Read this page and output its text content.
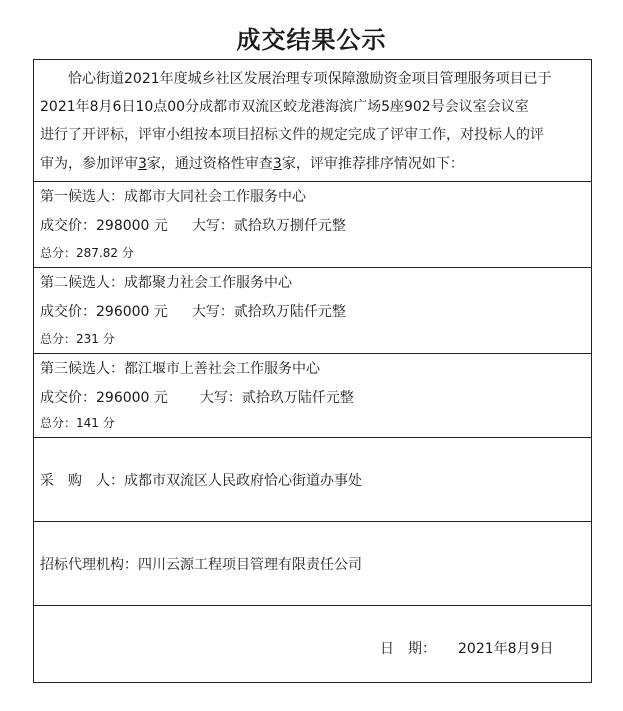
成交结果公示

恰心街道2021年度城乡社区发展治理专项保障激励资金项目管理服务项目已于

2021年8月6日10点00分成都市双流区蛟龙港海滨广场5座902号会议室会议室

进行了开评标，评审小组按本项目招标文件的规定完成了评审工作，对投标人的评

审为，参加评审3家，通过资格性审查3家，评审推荐排序情况如下：

第一候选人：成都市大同社会工作服务中心
成交价：298000 元 大写：贰拾玖万捌仟元整
总分：287.82 分
第二候选人：成都聚力社会工作服务中心
成交价：296000 元 大写：贰拾玖万陆仟元整
总分：231 分
第三候选人：都江堰市上善社会工作服务中心
成交价：296000 元 大写：贰拾玖万陆仟元整
总分：141 分
采　购　人：成都市双流区人民政府恰心街道办事处
招标代理机构：四川云源工程项目管理有限责任公司
日　期： 2021年8月9日
